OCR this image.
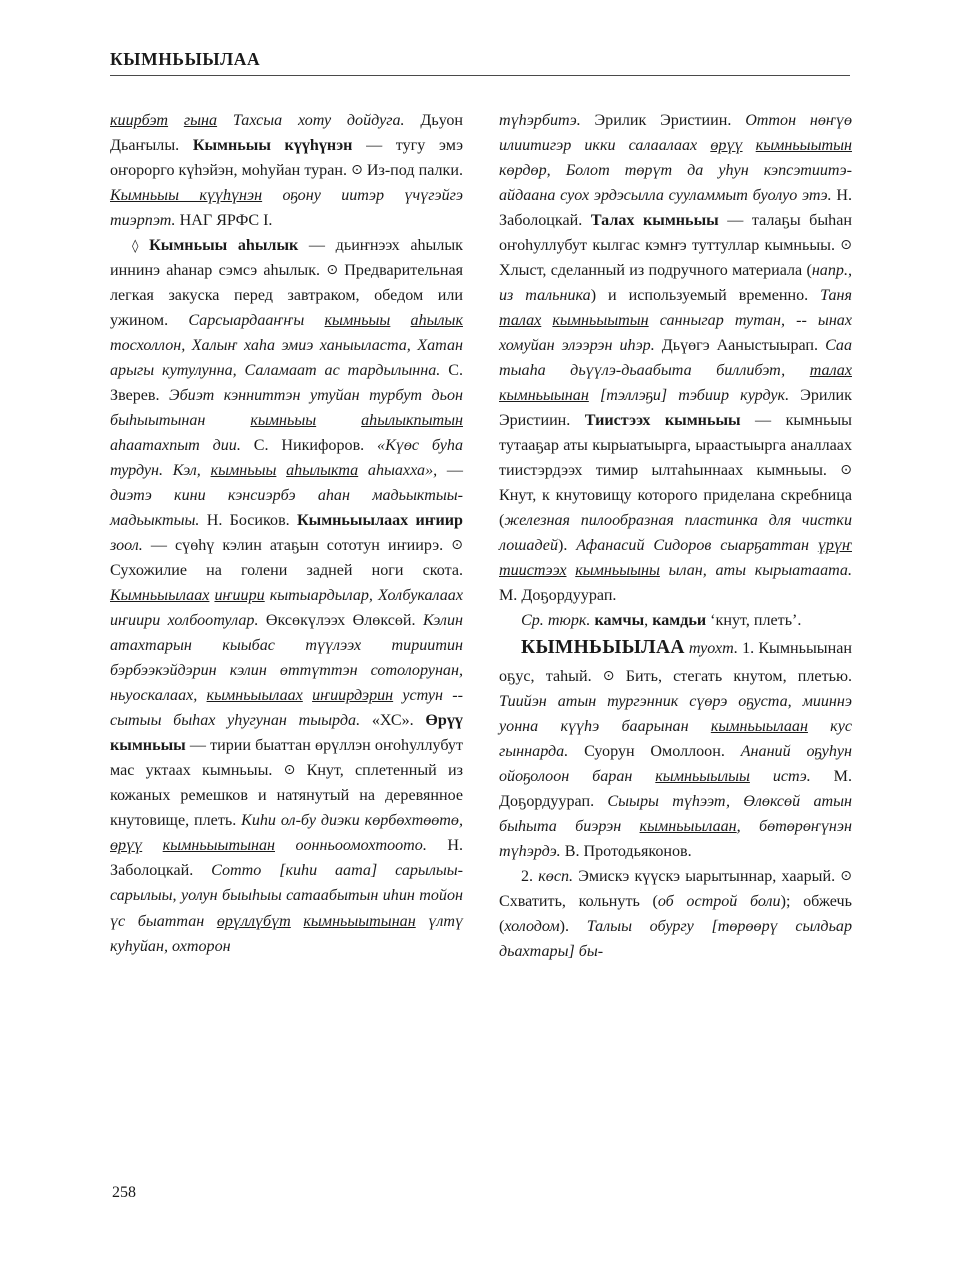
КЫМНЬЫЫЛАА

киирбэт гына Тахсыа хоту дойдуга. Дьуон Дьаҥылы. Кымньыы күүһүнэн — тугу эмэ оҥорорго күһэйэн, моһуйан туран. ⊙ Из-под палки. Кымньыы күүһүнэн оҕону иитэр үчүгэйгэ тиэрпэт. НАГ ЯРФС I.

◊ Кымньыы аһылык — дьиҥнээх аһылык иннинэ аһанар сэмсэ аһылык. ⊙ Предварительная легкая закуска перед завтраком, обедом или ужином. Сарсыардааҥҥы кымньыы аһылык тосхоллон, Халыҥ хаһа эмиэ ханыыласта, Хатан арыгы кутулунна, Саламаат ас тардылынна. С. Зверев. Эбиэт кэнниттэн утуйан турбут дьон быһыытынан	кымньыы	аһылыкпытын аһаатахпыт дии. С. Никифоров. «Күөс буһа турдун. Кэл, кымньыы аһылыкта аһыахха», — диэтэ кини кэнсиэрбэ аһан мадьыктыы-мадьыктыы. Н. Босиков. Кымньыылаах иҥиир зоол. — сүөһү кэлин атаҕын сототун иҥиирэ. ⊙ Сухожилие на голени задней ноги скота. Кымньыылаах иҥиири кытыардылар, Холбукалаах иҥиири холбоотулар. Өксөкүлээх Өлөксөй. Кэлин атахтарын кыыбас түүлээх тириитин бэрбээкэйдэрин кэлин өттүттэн сотолорунан, ньуоскалаах, кымньыылаах иҥиирдэрин устун -- сытыы быһах уһугунан тыырда. «ХС». Өрүү кымньыы — тирии быаттан өрүллэн оҥоһуллубут мас уктаах кымньыы. ⊙ Кнут, сплетенный из кожаных ремешков и натянутый на деревянное кнутовище, плеть. Киһи ол-бу диэки көрбөхтөөтө, өрүү кымньыытынан оонньоомохтоото. Н. Заболоцкай. Сотто [киһи аата] сарылыы-сарылыы, уолун быыһыы сатаабытын иһин тойон үс быаттан өрүллүбүт кымньыытынан үлтү куһуйан, охторон

түһэрбитэ. Эрилик Эристиин. Оттон нөҥүө илиитигэр икки салаалаах өрүү кымньыытын көрдөр, Болот төрүт да уһун кэпсэтиитэ-айдаана суох эрдэсылла сууламмыт буолуо этэ. Н. Заболоцкай. Талах кымньыы — талаҕы быһан оҥоһуллубут кылгас кэмҥэ туттуллар кымньыы. ⊙ Хлыст, сделанный из подручного материала (напр., из тальника) и используемый временно. Таня талах кымньыытын санныгар тутан, -- ынах хомуйан элээрэн иһэр. Дьүөгэ Ааныстыырап. Саа тыаһа дьүүлэ-дьаабыта биллибэт, талах кымньыынан [тэллэҕи] тэбиир курдук. Эрилик Эристиин. Тиистээх кымньыы — кымньыы тутааҕар аты кырыатыырга, ыраастыырга аналлаах тиистэрдээх тимир ылтаһыннаах кымньыы. ⊙ Кнут, к кнутовищу которого приделана скребница (железная пилообразная пластинка для чистки лошадей). Афанасий Сидоров сыарҕаттан үрүҥ тиистээх кымньыыны ылан, аты кырыатаата. М. Доҕордуурап.

Ср. тюрк. камчы, камдьи ‘кнут, плеть’.

КЫМНЬЫЫЛАА туохт. 1. Кымньыынан оҕус, таһый. ⊙ Бить, стегать кнутом, плетью. Тиийэн атын тургэнник сүөрэ оҕуста, мииннэ уонна күүһэ баарынан кымньыылаан кус гыннарда. Суорун Омоллоон. Ананий оҕуһун ойоҕолоон баран кымньыылыы истэ. М. Доҕордуурап. Сыыры түһээт, Өлөксөй атын быһыта биэрэн кымньыылаан, бөтөрөҥүнэн түһэрдэ. В. Протодьяконов.

2. көсп. Эмискэ күүскэ ыарытыннар, хаарый. ⊙ Схватить, кольнуть (об острой боли); обжечь (холодом). Талыы обургу [төрөөрү сылдьар дьахтары] бы-

258
